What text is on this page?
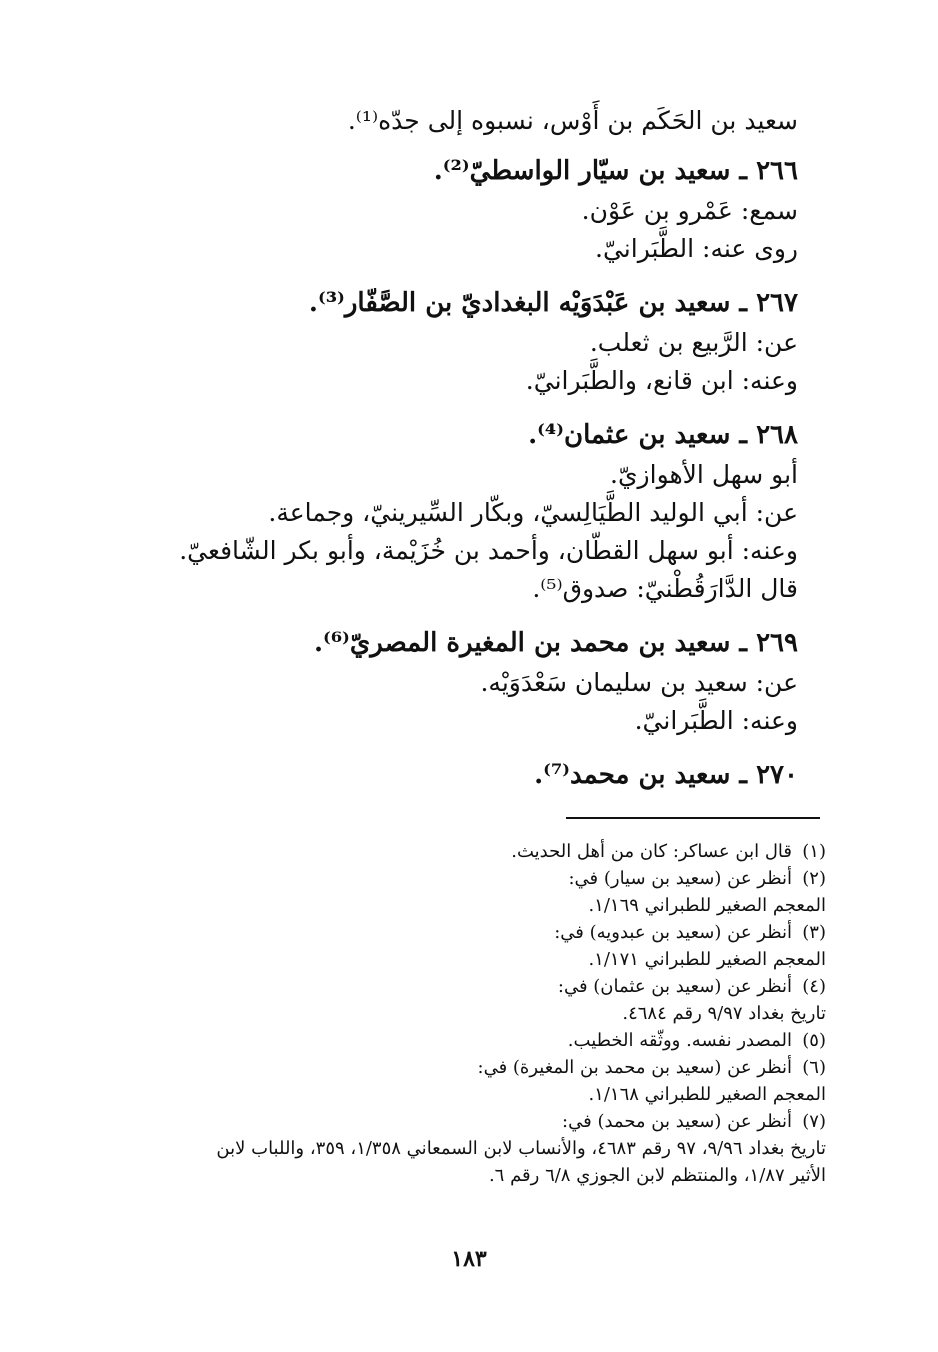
سعيد بن الحَكَم بن أَوْس، نسبوه إلى جدّه⁽¹⁾.

٢٦٦ ـ سعيد بن سيّار الواسطيّ⁽²⁾.

سمع: عَمْرو بن عَوْن.

روى عنه: الطَّبَرانيّ.

٢٦٧ ـ سعيد بن عَبْدَوَيْه البغداديّ بن الصَّفّار⁽³⁾.

عن: الرَّبيع بن ثعلب.

وعنه: ابن قانع، والطَّبَرانيّ.

٢٦٨ ـ سعيد بن عثمان⁽⁴⁾.

أبو سهل الأهوازيّ.

عن: أبي الوليد الطَّيَالِسيّ، وبكّار السِّيرينيّ، وجماعة.

وعنه: أبو سهل القطّان، وأحمد بن خُزَيْمة، وأبو بكر الشّافعيّ.

قال الدَّارَقُطْنيّ: صدوق⁽⁵⁾.

٢٦٩ ـ سعيد بن محمد بن المغيرة المصريّ⁽⁶⁾.

عن: سعيد بن سليمان سَعْدَوَيْه.

وعنه: الطَّبَرانيّ.

٢٧٠ ـ سعيد بن محمد⁽⁷⁾.

(١)قال ابن عساكر: كان من أهل الحديث.

(٢)أنظر عن (سعيد بن سيار) في:

المعجم الصغير للطبراني ١/١٦٩.

(٣)أنظر عن (سعيد بن عبدويه) في:

المعجم الصغير للطبراني ١/١٧١.

(٤)أنظر عن (سعيد بن عثمان) في:

تاريخ بغداد ٩/٩٧ رقم ٤٦٨٤.

(٥)المصدر نفسه. ووثّقه الخطيب.

(٦)أنظر عن (سعيد بن محمد بن المغيرة) في:

المعجم الصغير للطبراني ١/١٦٨.

(٧)أنظر عن (سعيد بن محمد) في:

تاريخ بغداد ٩/٩٦، ٩٧ رقم ٤٦٨٣، والأنساب لابن السمعاني ١/٣٥٨، ٣٥٩، واللباب لابن

الأثير ١/٨٧، والمنتظم لابن الجوزي ٦/٨ رقم ٦.

١٨٣
